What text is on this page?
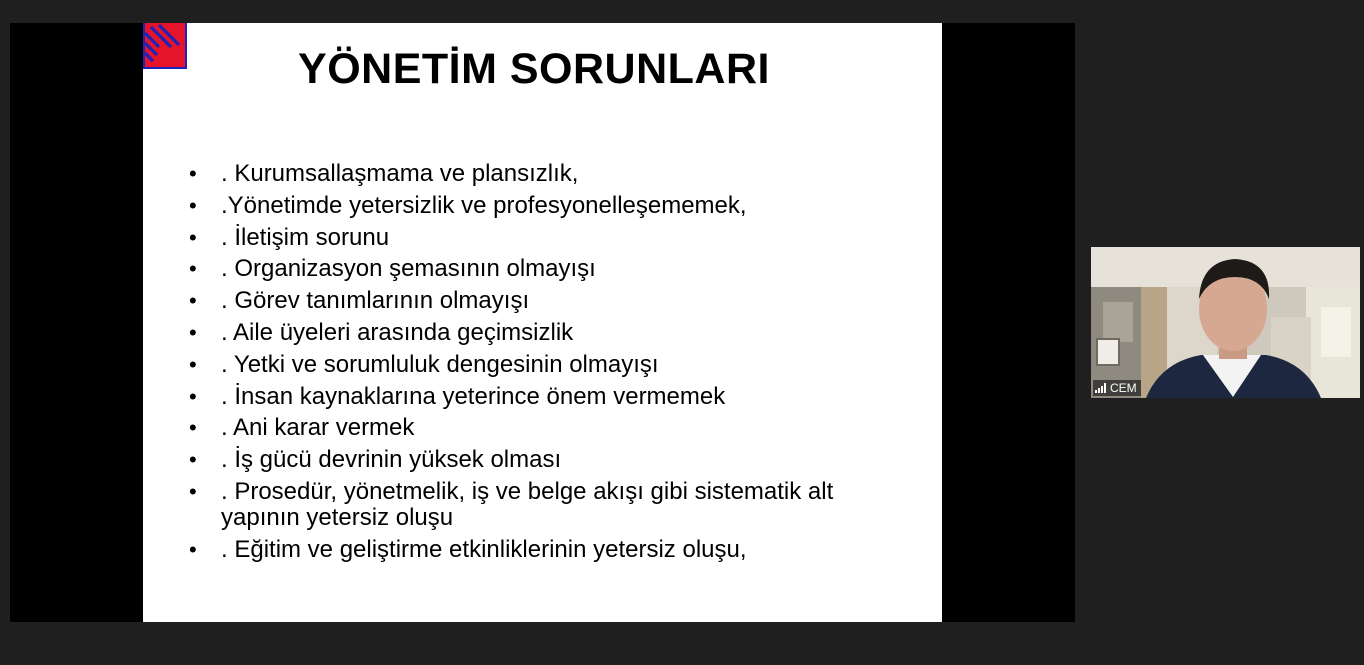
YÖNETİM SORUNLARI
• . Kurumsallaşmama ve plansızlık,
• .Yönetimde yetersizlik ve profesyonelleşememek,
• . İletişim sorunu
• . Organizasyon şemasının olmayışı
• . Görev tanımlarının olmayışı
• . Aile üyeleri arasında geçimsizlik
• . Yetki ve sorumluluk dengesinin olmayışı
• . İnsan kaynaklarına yeterince önem vermemek
• . Ani karar vermek
• . İş gücü devrinin yüksek olması
• . Prosedür, yönetmelik, iş ve belge akışı gibi sistematik alt yapının yetersiz oluşu
• . Eğitim ve geliştirme etkinliklerinin yetersiz oluşu,
CEM
